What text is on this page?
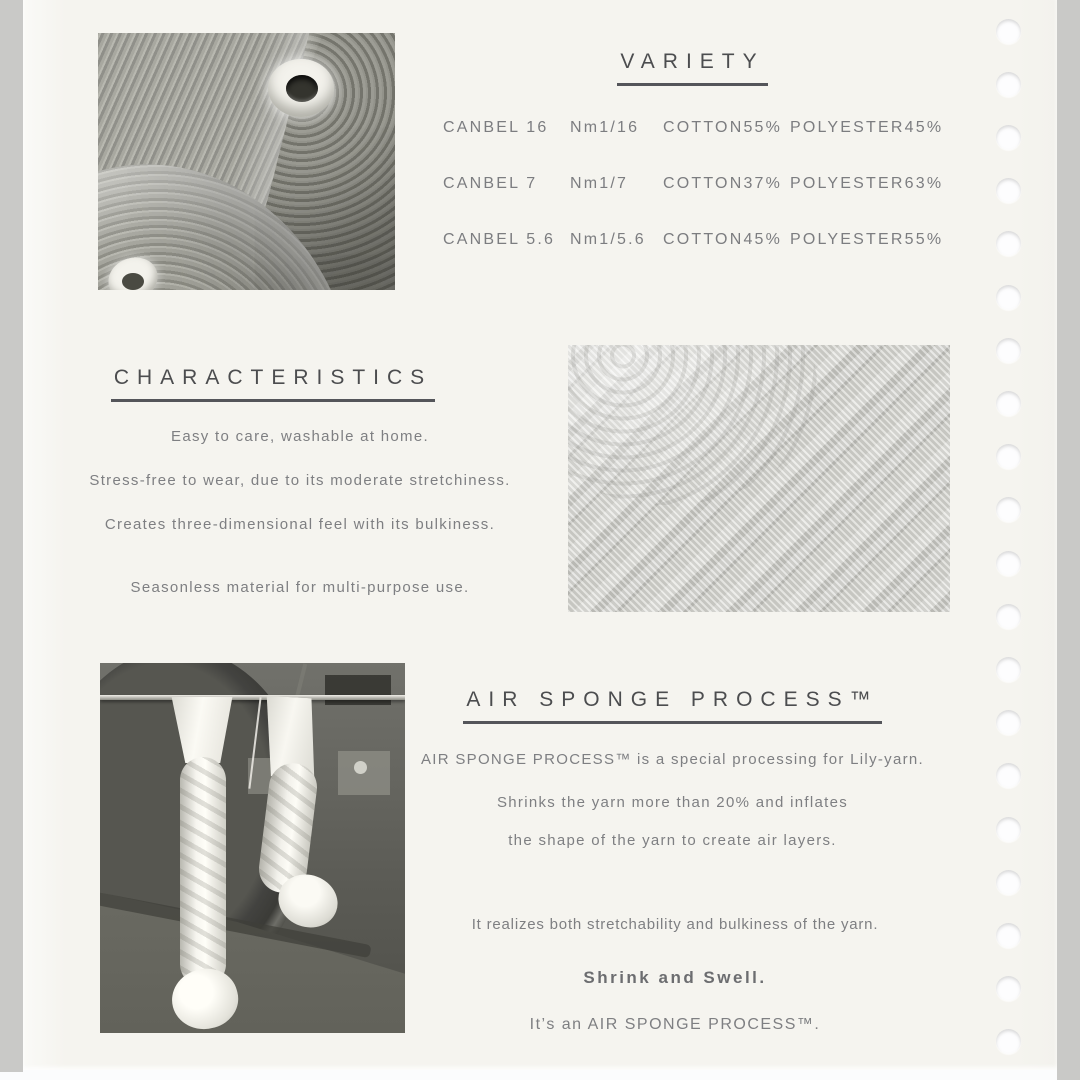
VARIETY
CANBEL 16	Nm1/16	COTTON55% POLYESTER45%
CANBEL 7	Nm1/7	COTTON37% POLYESTER63%
CANBEL 5.6 Nm1/5.6	COTTON45% POLYESTER55%
CHARACTERISTICS

Easy to care, washable at home.

Stress-free to wear, due to its moderate stretchiness.

Creates three-dimensional feel with its bulkiness.

Seasonless material for multi-purpose use.

AIR SPONGE PROCESS™

AIR SPONGE PROCESS™ is a special processing for Lily-yarn.

Shrinks the yarn more than 20% and inflates

the shape of the yarn to create air layers.

It realizes both stretchability and bulkiness of the yarn.

Shrink and Swell.

It’s an AIR SPONGE PROCESS™.
